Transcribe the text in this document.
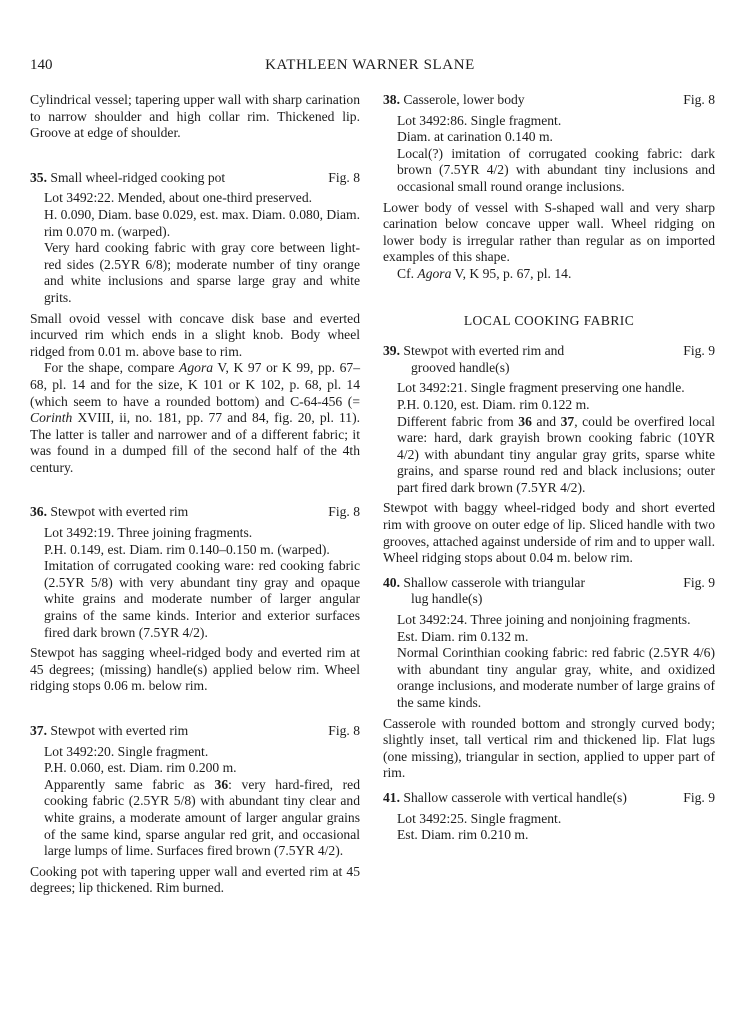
140	KATHLEEN WARNER SLANE

Cylindrical vessel; tapering upper wall with sharp carination to narrow shoulder and high collar rim. Thickened lip. Groove at edge of shoulder.

35. Small wheel-ridged cooking pot	Fig. 8

Lot 3492:22. Mended, about one-third preserved.

H. 0.090, Diam. base 0.029, est. max. Diam. 0.080, Diam. rim 0.070 m. (warped).

Very hard cooking fabric with gray core between light-red sides (2.5YR 6/8); moderate number of tiny orange and white inclusions and sparse large gray and white grits.

Small ovoid vessel with concave disk base and everted incurved rim which ends in a slight knob. Body wheel ridged from 0.01 m. above base to rim.

For the shape, compare Agora V, K 97 or K 99, pp. 67–68, pl. 14 and for the size, K 101 or K 102, p. 68, pl. 14 (which seem to have a rounded bottom) and C-64-456 (= Corinth XVIII, ii, no. 181, pp. 77 and 84, fig. 20, pl. 11). The latter is taller and narrower and of a different fabric; it was found in a dumped fill of the second half of the 4th century.

36. Stewpot with everted rim	Fig. 8

Lot 3492:19. Three joining fragments.

P.H. 0.149, est. Diam. rim 0.140–0.150 m. (warped).

Imitation of corrugated cooking ware: red cooking fabric (2.5YR 5/8) with very abundant tiny gray and opaque white grains and moderate number of larger angular grains of the same kinds. Interior and exterior surfaces fired dark brown (7.5YR 4/2).

Stewpot has sagging wheel-ridged body and everted rim at 45 degrees; (missing) handle(s) applied below rim. Wheel ridging stops 0.06 m. below rim.

37. Stewpot with everted rim	Fig. 8

Lot 3492:20. Single fragment.

P.H. 0.060, est. Diam. rim 0.200 m.

Apparently same fabric as 36: very hard-fired, red cooking fabric (2.5YR 5/8) with abundant tiny clear and white grains, a moderate amount of larger angular grains of the same kind, sparse angular red grit, and occasional large lumps of lime. Surfaces fired brown (7.5YR 4/2).

Cooking pot with tapering upper wall and everted rim at 45 degrees; lip thickened. Rim burned.

38. Casserole, lower body	Fig. 8

Lot 3492:86. Single fragment.

Diam. at carination 0.140 m.

Local(?) imitation of corrugated cooking fabric: dark brown (7.5YR 4/2) with abundant tiny inclusions and occasional small round orange inclusions.

Lower body of vessel with S-shaped wall and very sharp carination below concave upper wall. Wheel ridging on lower body is irregular rather than regular as on imported examples of this shape.

Cf. Agora V, K 95, p. 67, pl. 14.

LOCAL COOKING FABRIC
39. Stewpot with everted rim and	Fig. 9
grooved handle(s)

Lot 3492:21. Single fragment preserving one handle.

P.H. 0.120, est. Diam. rim 0.122 m.

Different fabric from 36 and 37, could be overfired local ware: hard, dark grayish brown cooking fabric (10YR 4/2) with abundant tiny angular gray grits, sparse white grains, and sparse round red and black inclusions; outer part fired dark brown (7.5YR 4/2).

Stewpot with baggy wheel-ridged body and short everted rim with groove on outer edge of lip. Sliced handle with two grooves, attached against underside of rim and to upper wall. Wheel ridging stops about 0.04 m. below rim.

40. Shallow casserole with triangular	Fig. 9
lug handle(s)

Lot 3492:24. Three joining and nonjoining fragments.

Est. Diam. rim 0.132 m.

Normal Corinthian cooking fabric: red fabric (2.5YR 4/6) with abundant tiny angular gray, white, and oxidized orange inclusions, and moderate number of large grains of the same kinds.

Casserole with rounded bottom and strongly curved body; slightly inset, tall vertical rim and thickened lip. Flat lugs (one missing), triangular in section, applied to upper part of rim.

41. Shallow casserole with vertical handle(s)	Fig. 9

Lot 3492:25. Single fragment.

Est. Diam. rim 0.210 m.
